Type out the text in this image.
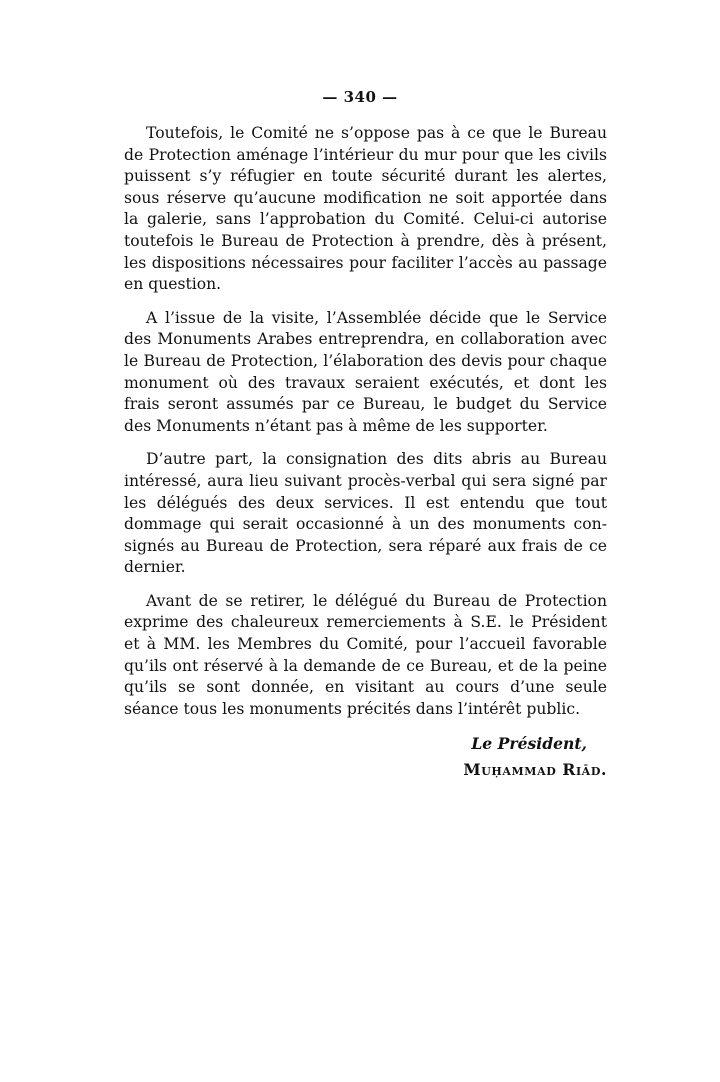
— 340 —

Toutefois, le Comité ne s’oppose pas à ce que le Bureau de Protection aménage l’intérieur du mur pour que les civils puissent s’y réfugier en toute sécurité durant les alertes, sous réserve qu’aucune modification ne soit apportée dans la galerie, sans l’approbation du Comité. Celui-ci autorise toutefois le Bureau de Protection à prendre, dès à présent, les dispositions nécessaires pour faciliter l’accès au passage en question.

A l’issue de la visite, l’Assemblée décide que le Service des Monuments Arabes entreprendra, en collaboration avec le Bureau de Protection, l’élaboration des devis pour chaque monument où des travaux seraient exécutés, et dont les frais seront assumés par ce Bureau, le budget du Service des Monuments n’étant pas à même de les supporter.

D’autre part, la consignation des dits abris au Bureau intéressé, aura lieu suivant procès-verbal qui sera signé par les délégués des deux services. Il est entendu que tout dommage qui serait occasionné à un des monuments consignés au Bureau de Protection, sera réparé aux frais de ce dernier.

Avant de se retirer, le délégué du Bureau de Protection exprime des chaleureux remerciements à S.E. le Président et à MM. les Membres du Comité, pour l’accueil favorable qu’ils ont réservé à la demande de ce Bureau, et de la peine qu’ils se sont donnée, en visitant au cours d’une seule séance tous les monuments précités dans l’intérêt public.

Le Président,
Muḥammad Riād.
